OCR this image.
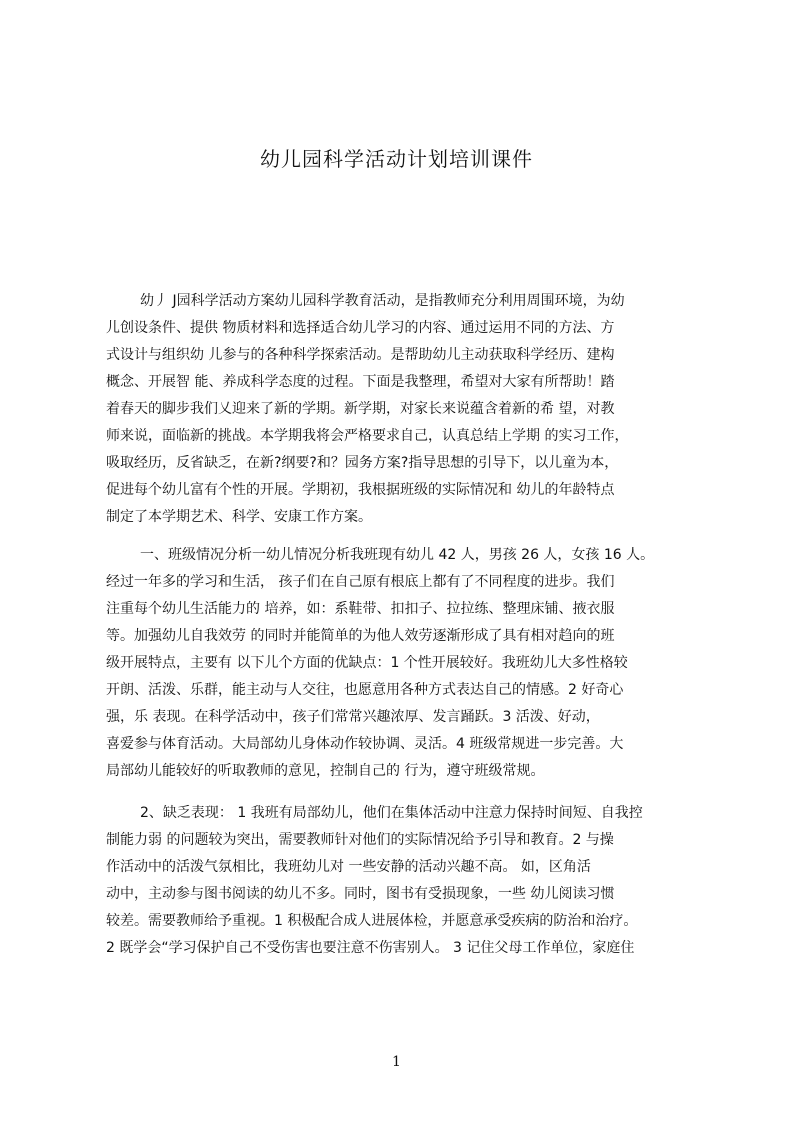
幼儿园科学活动计划培训课件
幼丿 J园科学活动方案幼儿园科学教育活动，是指教师充分利用周围环境，为幼
儿创设条件、提供 物质材料和选择适合幼儿学习的内容、通过运用不同的方法、方
式设计与组织幼 儿参与的各种科学探索活动。是帮助幼儿主动获取科学经历、建构
概念、开展智 能、养成科学态度的过程。下面是我整理，希望对大家有所帮助！踏
着春天的脚步我们乂迎来了新的学期。新学期，对家长来说蕴含着新的希 望，对教
师来说，面临新的挑战。本学期我将会严格要求自己，认真总结上学期 的实习工作，
吸取经历，反省缺乏，在新?纲要?和？园务方案?指导思想的引导下，以儿童为本，
促进每个幼儿富有个性的开展。学期初，我根据班级的实际情况和 幼儿的年龄特点
制定了本学期艺术、科学、安康工作方案。
一、班级情况分析一幼儿情况分析我班现有幼儿 42 人，男孩 26 人，女孩 16 人。
经过一年多的学习和生活， 孩子们在自己原有根底上都有了不同程度的进步。我们
注重每个幼儿生活能力的 培养，如：系鞋带、扣扣子、拉拉练、整理床铺、掖衣服
等。加强幼儿自我效劳 的同时并能简单的为他人效劳逐渐形成了具有相对趋向的班
级开展特点，主要有 以下儿个方面的优缺点：1 个性开展较好。我班幼儿大多性格较
开朗、活泼、乐群，能主动与人交往，也愿意用各种方式表达自己的情感。2 好奇心
强，乐 表现。在科学活动中，孩子们常常兴趣浓厚、发言踊跃。3 活泼、好动，
喜爱参与体育活动。大局部幼儿身体动作较协调、灵活。4 班级常规进一步完善。大
局部幼儿能较好的听取教师的意见，控制自己的 行为，遵守班级常规。
2、缺乏表现： 1 我班有局部幼儿，他们在集体活动中注意力保持时间短、自我控
制能力弱 的问题较为突出，需要教师针对他们的实际情况给予引导和教育。2 与操
作活动中的活泼气氛相比，我班幼儿对 一些安静的活动兴趣不高。 如，区角活
动中，主动参与图书阅读的幼儿不多。同时，图书有受损现象，一些 幼儿阅读习惯
较差。需要教师给予重视。1 积极配合成人进展体检，并愿意承受疾病的防治和治疗。
2 既学会“学习保护自己不受伤害也要注意不伤害别人。 3 记住父母工作单位，家庭住
1
